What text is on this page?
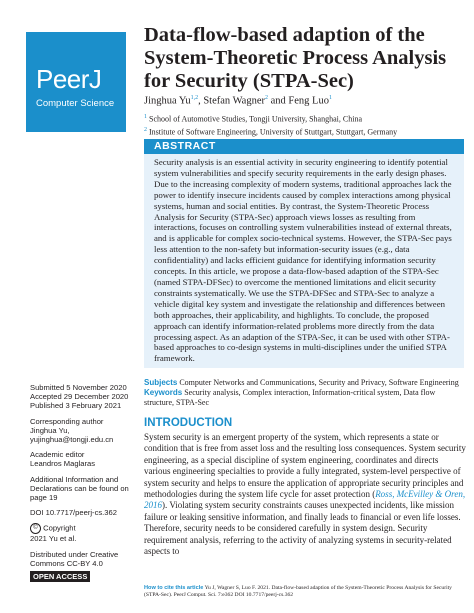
PeerJ
Computer Science
Data-flow-based adaption of the System-Theoretic Process Analysis for Security (STPA-Sec)
Jinghua Yu$^{1,2}$, Stefan Wagner$^2$ and Feng Luo$^1$
$^1$ School of Automotive Studies, Tongji University, Shanghai, China
$^2$ Institute of Software Engineering, University of Stuttgart, Stuttgart, Germany
ABSTRACT
Security analysis is an essential activity in security engineering to identify potential system vulnerabilities and specify security requirements in the early design phases. Due to the increasing complexity of modern systems, traditional approaches lack the power to identify insecure incidents caused by complex interactions among physical systems, human and social entities. By contrast, the System-Theoretic Process Analysis for Security (STPA-Sec) approach views losses as resulting from interactions, focuses on controlling system vulnerabilities instead of external threats, and is applicable for complex socio-technical systems. However, the STPA-Sec pays less attention to the non-safety but information-security issues (e.g., data confidentiality) and lacks efficient guidance for identifying information security concepts. In this article, we propose a data-flow-based adaption of the STPA-Sec (named STPA-DFSec) to overcome the mentioned limitations and elicit security constraints systematically. We use the STPA-DFSec and STPA-Sec to analyze a vehicle digital key system and investigate the relationship and differences between both approaches, their applicability, and highlights. To conclude, the proposed approach can identify information-related problems more directly from the data processing aspect. As an adaption of the STPA-Sec, it can be used with other STPA-based approaches to co-design systems in multi-disciplines under the unified STPA framework.
Subjects Computer Networks and Communications, Security and Privacy, Software Engineering
Keywords Security analysis, Complex interaction, Information-critical system, Data flow structure, STPA-Sec
Submitted 5 November 2020
Accepted 29 December 2020
Published 3 February 2021
Corresponding author
Jinghua Yu, yujinghua@tongji.edu.cn
Academic editor
Leandros Maglaras
Additional Information and Declarations can be found on page 19
DOI 10.7717/peerj-cs.362
© Copyright
2021 Yu et al.
Distributed under Creative Commons CC-BY 4.0
OPEN ACCESS
INTRODUCTION
System security is an emergent property of the system, which represents a state or condition that is free from asset loss and the resulting loss consequences. System security engineering, as a special discipline of system engineering, coordinates and directs various engineering specialties to provide a fully integrated, system-level perspective of system security and helps to ensure the application of appropriate security principles and methodologies during the system life cycle for asset protection (Ross, McEvilley & Oren, 2016). Violating system security constraints causes unexpected incidents, like mission failure or leaking sensitive information, and finally leads to financial or even life losses. Therefore, security needs to be considered carefully in system design. Security requirement analysis, referring to the activity of analyzing systems in security-related aspects to
How to cite this article Yu J, Wagner S, Luo F. 2021. Data-flow-based adaption of the System-Theoretic Process Analysis for Security (STPA-Sec). PeerJ Comput. Sci. 7:e362 DOI 10.7717/peerj-cs.362
